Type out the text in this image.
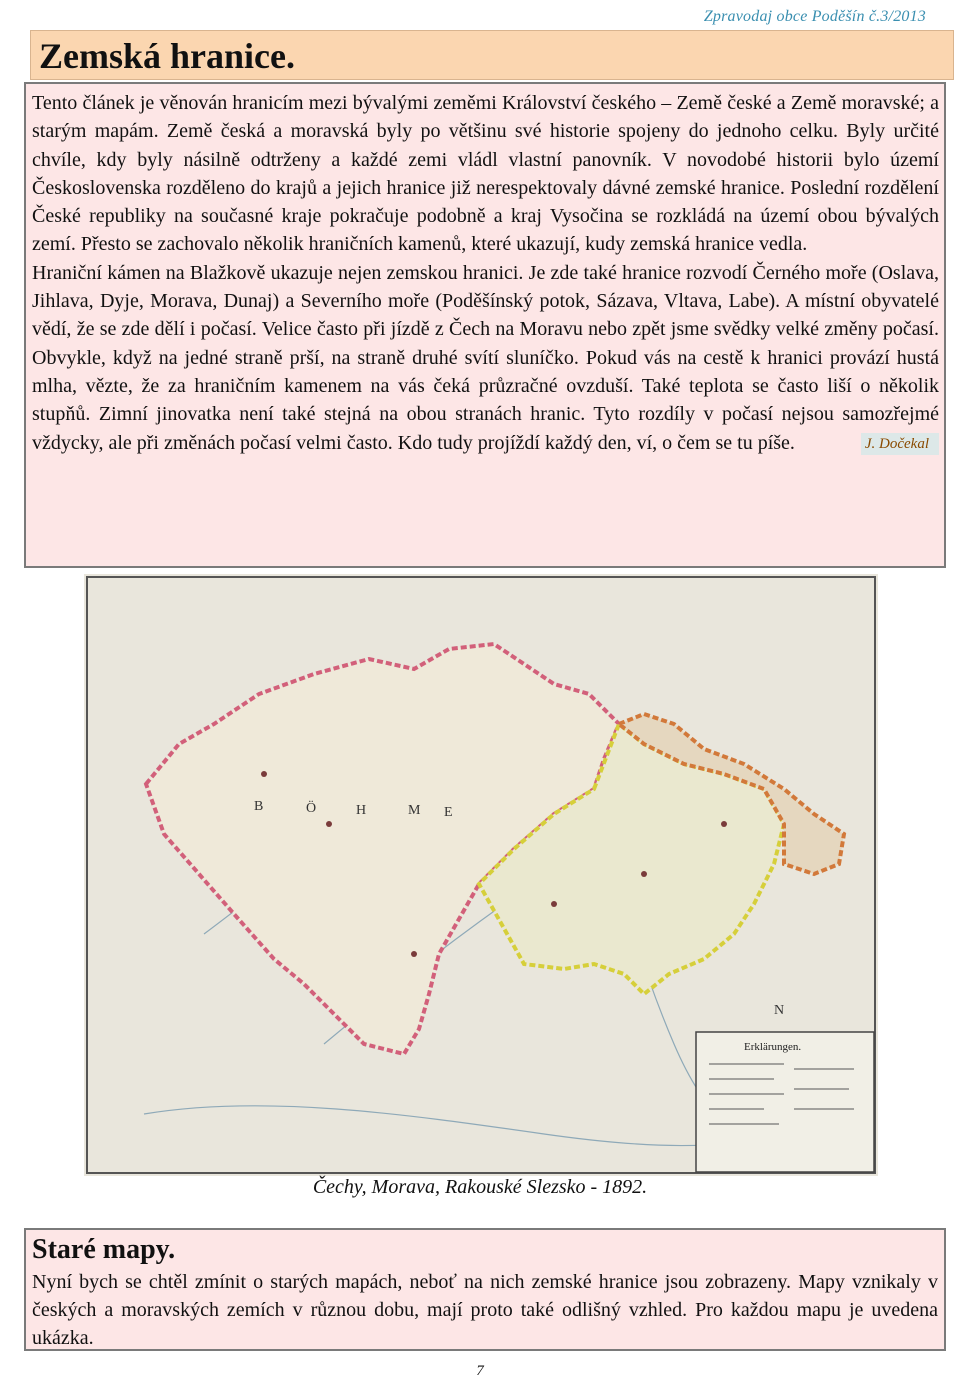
Zpravodaj obce Poděšín č.3/2013
Zemská hranice.

Tento článek je věnován hranicím mezi bývalými zeměmi Království českého – Země české a Země moravské; a starým mapám. Země česká a moravská byly po většinu své historie spojeny do jednoho celku. Byly určité chvíle, kdy byly násilně odtrženy a každé zemi vládl vlastní panovník. V novodobé historii bylo území Československa rozděleno do krajů a jejich hranice již nerespektovaly dávné zemské hranice. Poslední rozdělení České republiky na současné kraje pokračuje podobně a kraj Vysočina se rozkládá na území obou bývalých zemí. Přesto se zachovalo několik hraničních kamenů, které ukazují, kudy zemská hranice vedla.

Hraniční kámen na Blažkově ukazuje nejen zemskou hranici. Je zde také hranice rozvodí Černého moře (Oslava, Jihlava, Dyje, Morava, Dunaj) a Severního moře (Poděšínský potok, Sázava, Vltava, Labe). A místní obyvatelé vědí, že se zde dělí i počasí. Velice často při jízdě z Čech na Moravu nebo zpět jsme svědky velké změny počasí. Obvykle, když na jedné straně prší, na straně druhé svítí sluníčko. Pokud vás na cestě k hranici provází hustá mlha, vězte, že za hraničním kamenem na vás čeká průzračné ovzduší. Také teplota se často liší o několik stupňů. Zimní jinovatka není také stejná na obou stranách hranic. Tyto rozdíly v počasí nejsou samozřejmé vždycky, ale při změnách počasí velmi často. Kdo tudy projíždí každý den, ví, o čem se tu píše.	J. Dočekal

B	Ö	H	M E
N
Erklärungen.
Čechy, Morava, Rakouské Slezsko - 1892.
Staré mapy.

Nyní bych se chtěl zmínit o starých mapách, neboť na nich zemské hranice jsou zobrazeny. Mapy vznikaly v českých a moravských zemích v různou dobu, mají proto také odlišný vzhled. Pro každou mapu je uvedena ukázka.

7
